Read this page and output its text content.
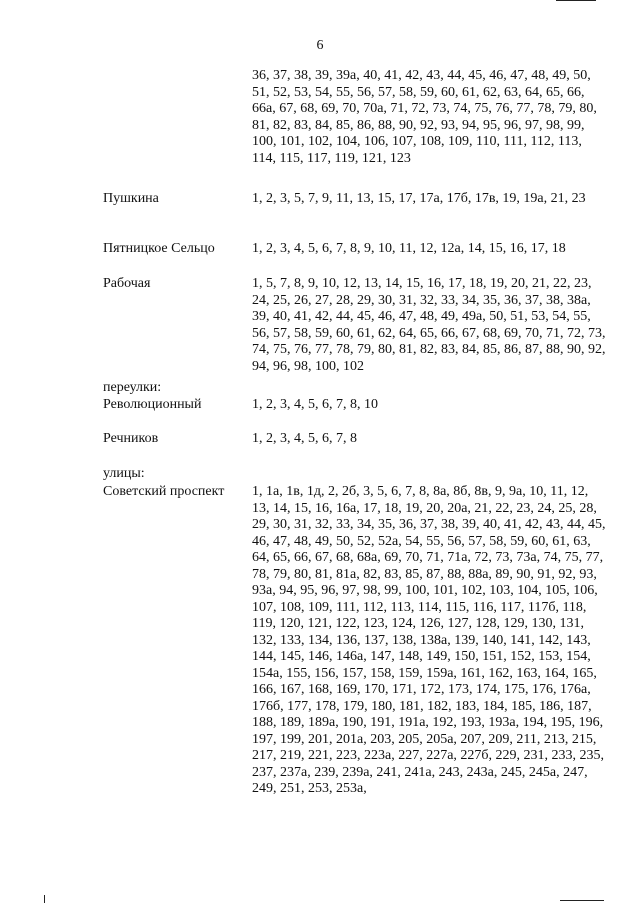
6
36, 37, 38, 39, 39а, 40, 41, 42, 43, 44, 45, 46, 47, 48, 49, 50, 51, 52, 53, 54, 55, 56, 57, 58, 59, 60, 61, 62, 63, 64, 65, 66, 66а, 67, 68, 69, 70, 70а, 71, 72, 73, 74, 75, 76, 77, 78, 79, 80, 81, 82, 83, 84, 85, 86, 88, 90, 92, 93, 94, 95, 96, 97, 98, 99, 100, 101, 102, 104, 106, 107, 108, 109, 110, 111, 112, 113, 114, 115, 117, 119, 121, 123
Пушкина	1, 2, 3, 5, 7, 9, 11, 13, 15, 17, 17а, 17б, 17в, 19, 19а, 21, 23
Пятницкое Сельцо	1, 2, 3, 4, 5, 6, 7, 8, 9, 10, 11, 12, 12а, 14, 15, 16, 17, 18
Рабочая	1, 5, 7, 8, 9, 10, 12, 13, 14, 15, 16, 17, 18, 19, 20, 21, 22, 23, 24, 25, 26, 27, 28, 29, 30, 31, 32, 33, 34, 35, 36, 37, 38, 38а, 39, 40, 41, 42, 44, 45, 46, 47, 48, 49, 49а, 50, 51, 53, 54, 55, 56, 57, 58, 59, 60, 61, 62, 64, 65, 66, 67, 68, 69, 70, 71, 72, 73, 74, 75, 76, 77, 78, 79, 80, 81, 82, 83, 84, 85, 86, 87, 88, 90, 92, 94, 96, 98, 100, 102
переулки:
Революционный	1, 2, 3, 4, 5, 6, 7, 8, 10
Речников	1, 2, 3, 4, 5, 6, 7, 8
улицы:
Советский проспект	1, 1а, 1в, 1д, 2, 2б, 3, 5, 6, 7, 8, 8а, 8б, 8в, 9, 9а, 10, 11, 12, 13, 14, 15, 16, 16а, 17, 18, 19, 20, 20а, 21, 22, 23, 24, 25, 28, 29, 30, 31, 32, 33, 34, 35, 36, 37, 38, 39, 40, 41, 42, 43, 44, 45, 46, 47, 48, 49, 50, 52, 52а, 54, 55, 56, 57, 58, 59, 60, 61, 63, 64, 65, 66, 67, 68, 68а, 69, 70, 71, 71а, 72, 73, 73а, 74, 75, 77, 78, 79, 80, 81, 81а, 82, 83, 85, 87, 88, 88а, 89, 90, 91, 92, 93, 93а, 94, 95, 96, 97, 98, 99, 100, 101, 102, 103, 104, 105, 106, 107, 108, 109, 111, 112, 113, 114, 115, 116, 117, 117б, 118, 119, 120, 121, 122, 123, 124, 126, 127, 128, 129, 130, 131, 132, 133, 134, 136, 137, 138, 138а, 139, 140, 141, 142, 143, 144, 145, 146, 146а, 147, 148, 149, 150, 151, 152, 153, 154, 154а, 155, 156, 157, 158, 159, 159а, 161, 162, 163, 164, 165, 166, 167, 168, 169, 170, 171, 172, 173, 174, 175, 176, 176а, 176б, 177, 178, 179, 180, 181, 182, 183, 184, 185, 186, 187, 188, 189, 189а, 190, 191, 191а, 192, 193, 193а, 194, 195, 196, 197, 199, 201, 201а, 203, 205, 205а, 207, 209, 211, 213, 215, 217, 219, 221, 223, 223а, 227, 227а, 227б, 229, 231, 233, 235, 237, 237а, 239, 239а, 241, 241а, 243, 243а, 245, 245а, 247, 249, 251, 253, 253а,
